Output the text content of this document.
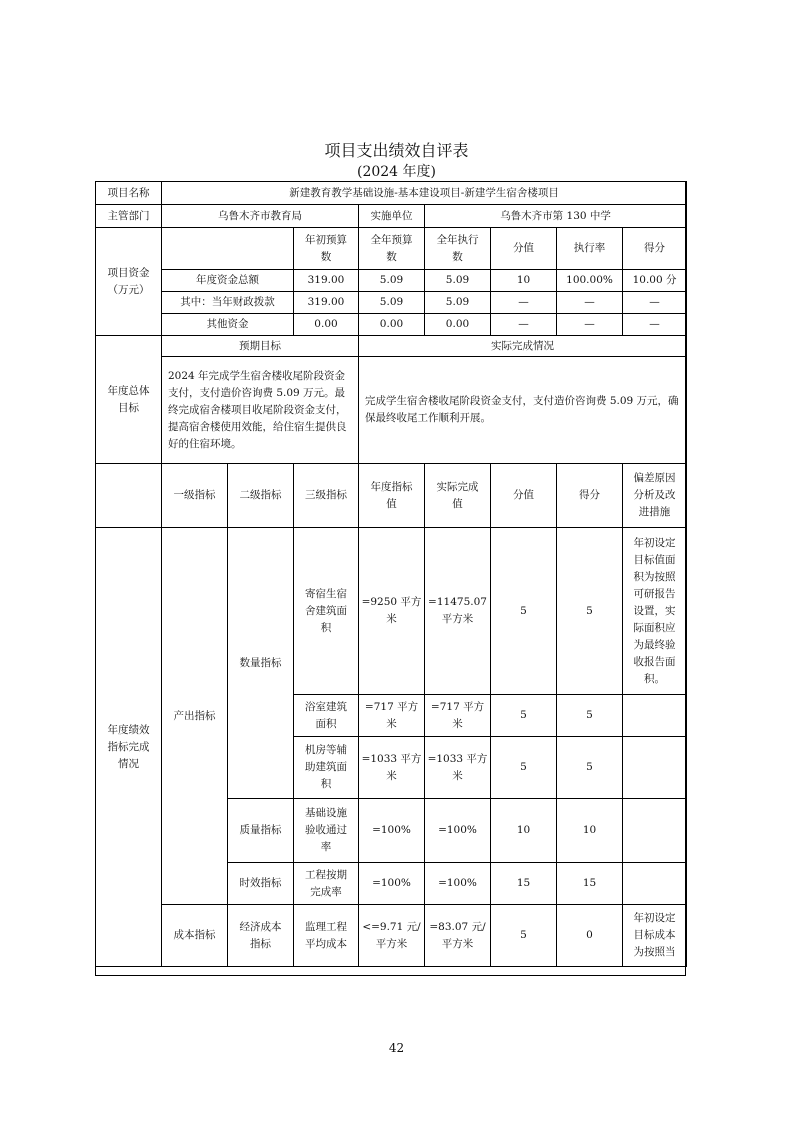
项目支出绩效自评表
(2024 年度)
项目名称	新建教育教学基础设施-基本建设项目-新建学生宿舍楼项目							
主管部门	乌鲁木齐市教育局			实施单位	乌鲁木齐市第 130 中学			
项目资金（万元）			年初预算数	全年预算数	全年执行数	分值	执行率	得分
	年度资金总额		319.00	5.09	5.09	10	100.00%	10.00 分
	其中：当年财政拨款		319.00	5.09	5.09	—	—	—
	其他资金		0.00	0.00	0.00	—	—	—
年度总体目标	预期目标			实际完成情况				
	2024 年完成学生宿舍楼收尾阶段资金支付，支付造价咨询费 5.09 万元。最终完成宿舍楼项目收尾阶段资金支付，提高宿舍楼使用效能，给住宿生提供良好的住宿环境。			完成学生宿舍楼收尾阶段资金支付，支付造价咨询费 5.09 万元，确保最终收尾工作顺利开展。				
	一级指标	二级指标	三级指标	年度指标值	实际完成值	分值	得分	偏差原因分析及改进措施
年度绩效指标完成情况	产出指标	数量指标	寄宿生宿舍建筑面积	=9250 平方米	=11475.07 平方米	5	5	年初设定目标值面积为按照可研报告设置，实际面积应为最终验收报告面积。
			浴室建筑面积	=717 平方米	=717 平方米	5	5	
			机房等辅助建筑面积	=1033 平方米	=1033 平方米	5	5	
		质量指标	基础设施验收通过率	=100%	=100%	10	10	
		时效指标	工程按期完成率	=100%	=100%	15	15	
	成本指标	经济成本指标	监理工程平均成本	<=9.71 元/平方米	=83.07 元/平方米	5	0	年初设定目标成本为按照当
42
